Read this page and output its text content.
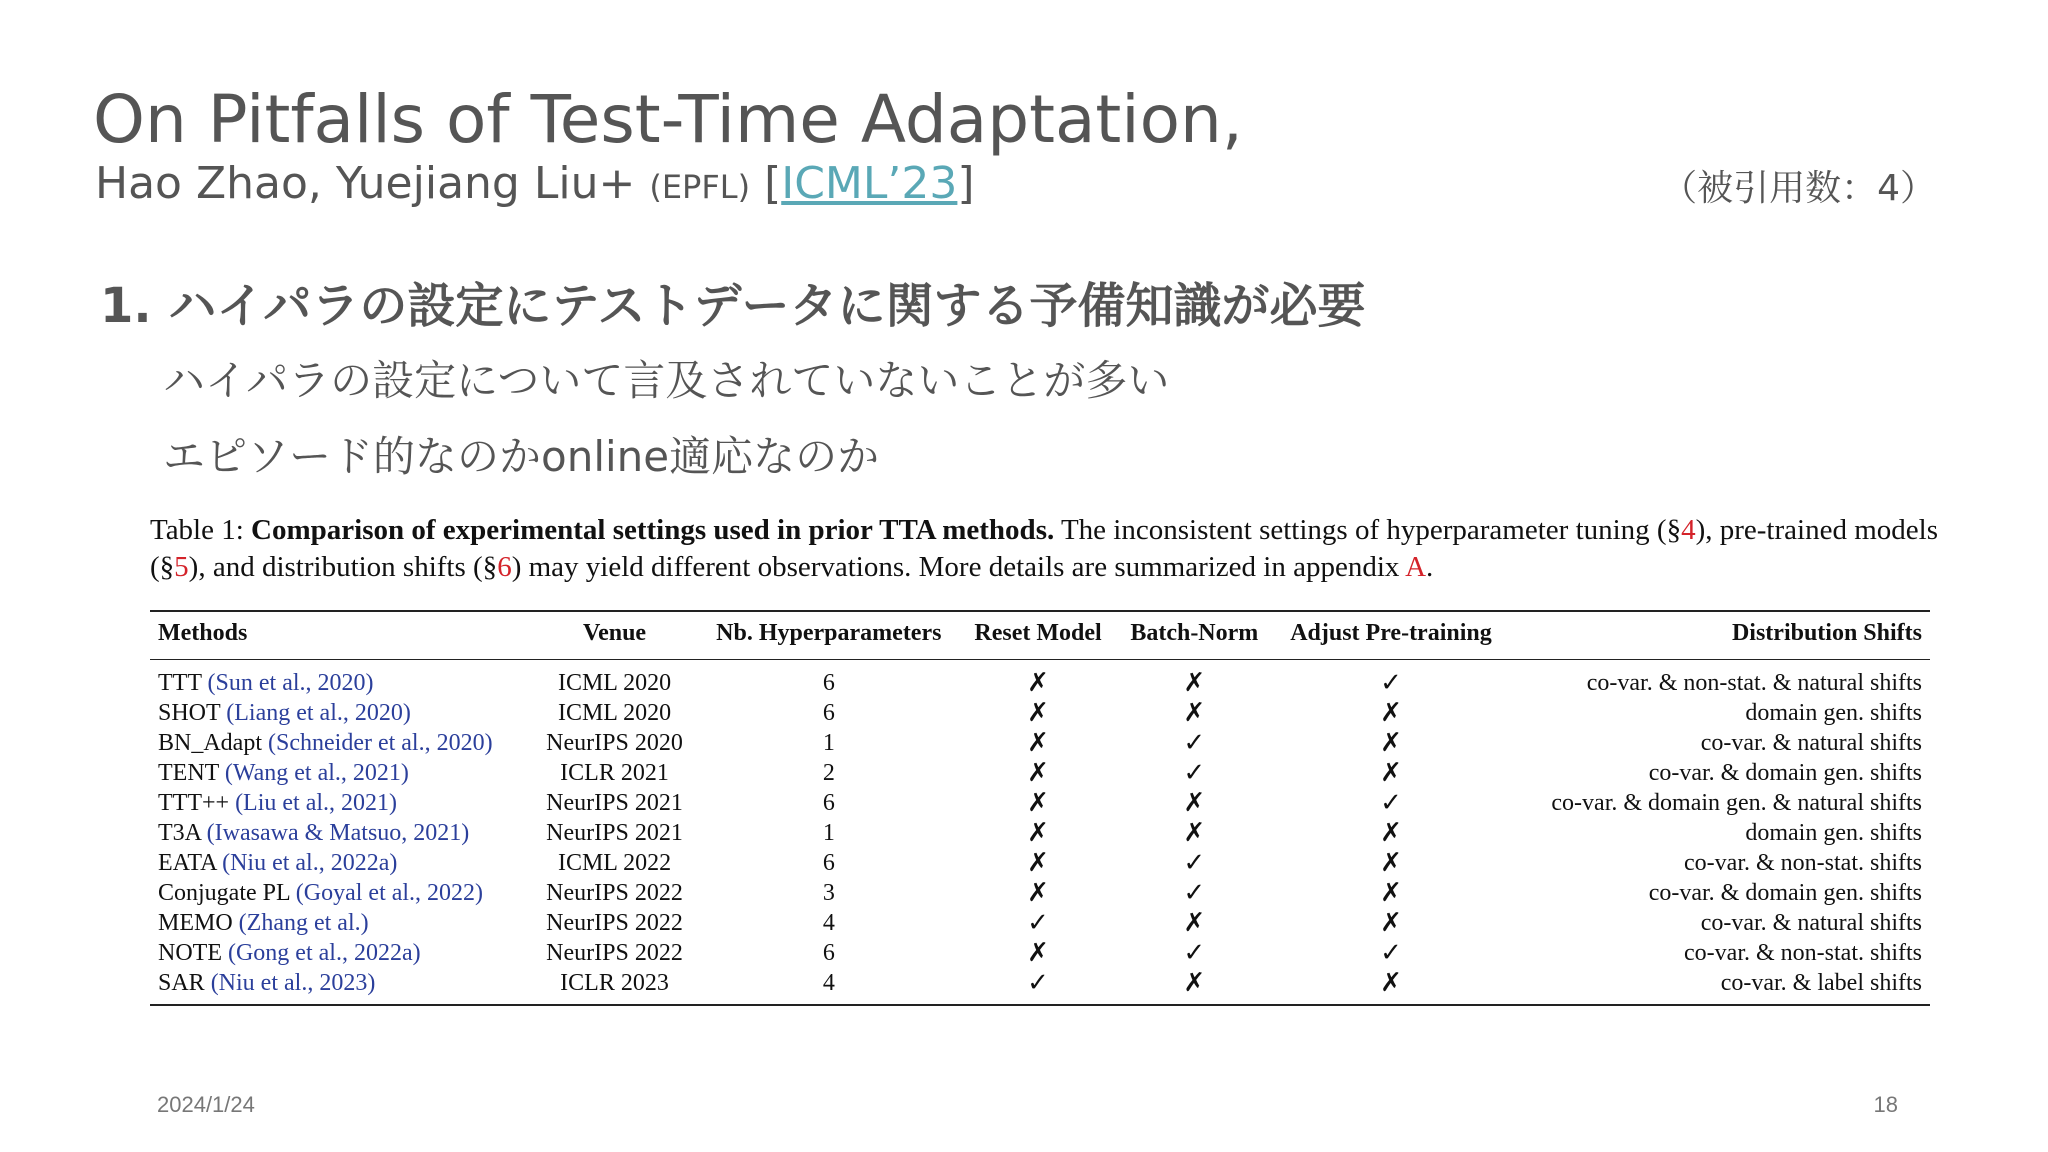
On Pitfalls of Test-Time Adaptation,
Hao Zhao, Yuejiang Liu+ (EPFL) [ICML’23]	（被引用数：4）
1. ハイパラの設定にテストデータに関する予備知識が必要
ハイパラの設定について言及されていないことが多い
エピソード的なのかonline適応なのか

Table 1: Comparison of experimental settings used in prior TTA methods. The inconsistent settings of hyperparameter tuning (§4), pre-trained models (§5), and distribution shifts (§6) may yield different observations. More details are summarized in appendix A.

Methods	Venue	Nb. Hyperparameters	Reset Model	Batch-Norm	Adjust Pre-training	Distribution Shifts
TTT (Sun et al., 2020)	ICML 2020	6	✗	✗	✓	co-var. & non-stat. & natural shifts
SHOT (Liang et al., 2020)	ICML 2020	6	✗	✗	✗	domain gen. shifts
BN_Adapt (Schneider et al., 2020)	NeurIPS 2020	1	✗	✓	✗	co-var. & natural shifts
TENT (Wang et al., 2021)	ICLR 2021	2	✗	✓	✗	co-var. & domain gen. shifts
TTT++ (Liu et al., 2021)	NeurIPS 2021	6	✗	✗	✓	co-var. & domain gen. & natural shifts
T3A (Iwasawa & Matsuo, 2021)	NeurIPS 2021	1	✗	✗	✗	domain gen. shifts
EATA (Niu et al., 2022a)	ICML 2022	6	✗	✓	✗	co-var. & non-stat. shifts
Conjugate PL (Goyal et al., 2022)	NeurIPS 2022	3	✗	✓	✗	co-var. & domain gen. shifts
MEMO (Zhang et al.)	NeurIPS 2022	4	✓	✗	✗	co-var. & natural shifts
NOTE (Gong et al., 2022a)	NeurIPS 2022	6	✗	✓	✓	co-var. & non-stat. shifts
SAR (Niu et al., 2023)	ICLR 2023	4	✓	✗	✗	co-var. & label shifts
2024/1/24	18
